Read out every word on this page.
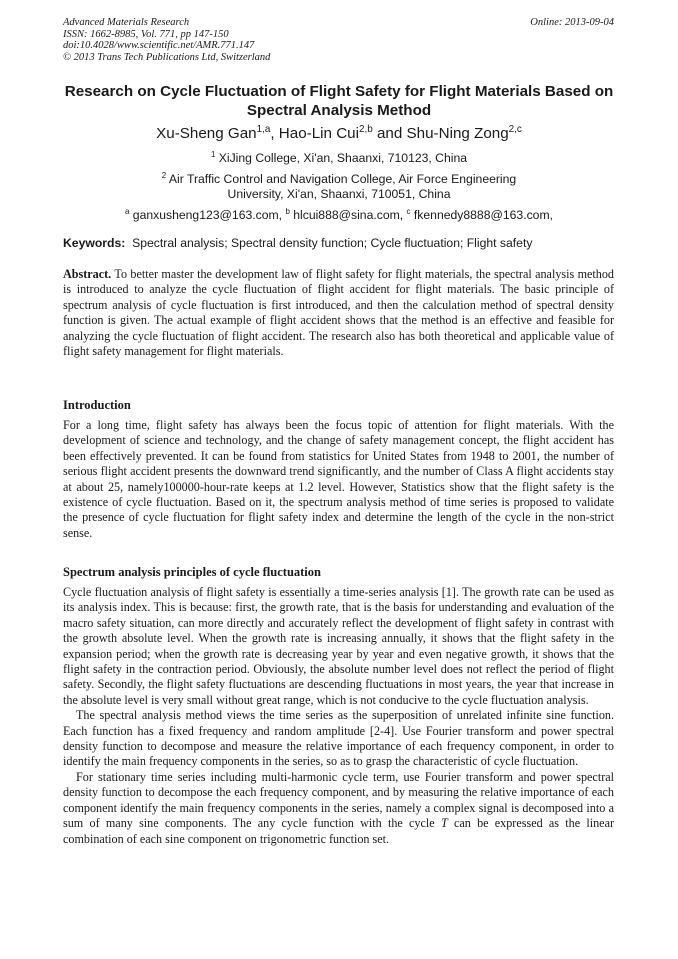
Advanced Materials Research
ISSN: 1662-8985, Vol. 771, pp 147-150
doi:10.4028/www.scientific.net/AMR.771.147
© 2013 Trans Tech Publications Ltd, Switzerland
Online: 2013-09-04
Research on Cycle Fluctuation of Flight Safety for Flight Materials Based on Spectral Analysis Method
Xu-Sheng Gan$^{1,a}$, Hao-Lin Cui$^{2,b}$ and Shu-Ning Zong$^{2,c}$
$^1$ XiJing College, Xi'an, Shaanxi, 710123, China
$^2$ Air Traffic Control and Navigation College, Air Force Engineering
University, Xi'an, Shaanxi, 710051, China
$^a$ ganxusheng123@163.com, $^b$ hlcui888@sina.com, $^c$ fkennedy8888@163.com,
Keywords: Spectral analysis; Spectral density function; Cycle fluctuation; Flight safety

Abstract. To better master the development law of flight safety for flight materials, the spectral analysis method is introduced to analyze the cycle fluctuation of flight accident for flight materials. The basic principle of spectrum analysis of cycle fluctuation is first introduced, and then the calculation method of spectral density function is given. The actual example of flight accident shows that the method is an effective and feasible for analyzing the cycle fluctuation of flight accident. The research also has both theoretical and applicable value of flight safety management for flight materials.

Introduction

For a long time, flight safety has always been the focus topic of attention for flight materials. With the development of science and technology, and the change of safety management concept, the flight accident has been effectively prevented. It can be found from statistics for United States from 1948 to 2001, the number of serious flight accident presents the downward trend significantly, and the number of Class A flight accidents stay at about 25, namely100000-hour-rate keeps at 1.2 level. However, Statistics show that the flight safety is the existence of cycle fluctuation. Based on it, the spectrum analysis method of time series is proposed to validate the presence of cycle fluctuation for flight safety index and determine the length of the cycle in the non-strict sense.

Spectrum analysis principles of cycle fluctuation

Cycle fluctuation analysis of flight safety is essentially a time-series analysis [1]. The growth rate can be used as its analysis index. This is because: first, the growth rate, that is the basis for understanding and evaluation of the macro safety situation, can more directly and accurately reflect the development of flight safety in contrast with the growth absolute level. When the growth rate is increasing annually, it shows that the flight safety in the expansion period; when the growth rate is decreasing year by year and even negative growth, it shows that the flight safety in the contraction period. Obviously, the absolute number level does not reflect the period of flight safety. Secondly, the flight safety fluctuations are descending fluctuations in most years, the year that increase in the absolute level is very small without great range, which is not conducive to the cycle fluctuation analysis.

The spectral analysis method views the time series as the superposition of unrelated infinite sine function. Each function has a fixed frequency and random amplitude [2-4]. Use Fourier transform and power spectral density function to decompose and measure the relative importance of each frequency component, in order to identify the main frequency components in the series, so as to grasp the characteristic of cycle fluctuation.

For stationary time series including multi-harmonic cycle term, use Fourier transform and power spectral density function to decompose the each frequency component, and by measuring the relative importance of each component identify the main frequency components in the series, namely a complex signal is decomposed into a sum of many sine components. The any cycle function with the cycle T can be expressed as the linear combination of each sine component on trigonometric function set.
